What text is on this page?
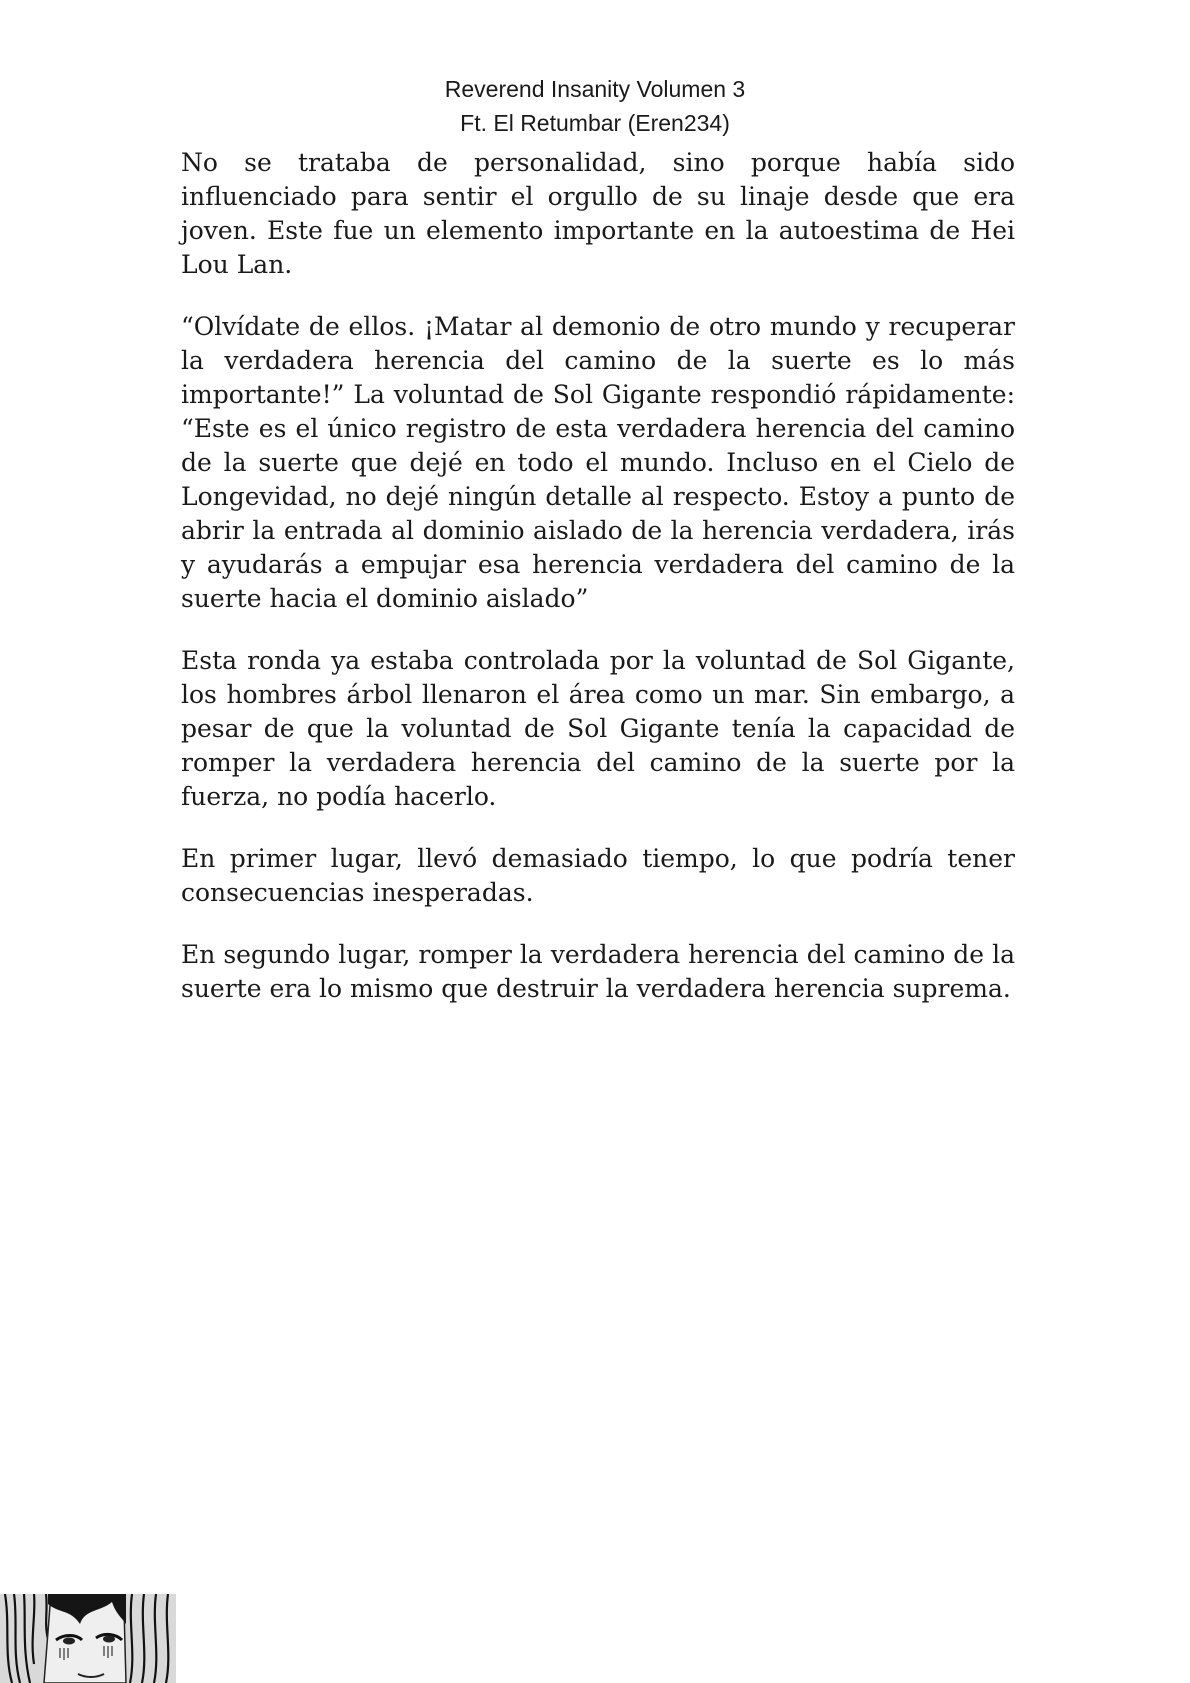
Reverend Insanity Volumen 3
Ft. El Retumbar (Eren234)

No se trataba de personalidad, sino porque había sido influenciado para sentir el orgullo de su linaje desde que era joven. Este fue un elemento importante en la autoestima de Hei Lou Lan.

“Olvídate de ellos. ¡Matar al demonio de otro mundo y recuperar la verdadera herencia del camino de la suerte es lo más importante!” La voluntad de Sol Gigante respondió rápidamente: “Este es el único registro de esta verdadera herencia del camino de la suerte que dejé en todo el mundo. Incluso en el Cielo de Longevidad, no dejé ningún detalle al respecto. Estoy a punto de abrir la entrada al dominio aislado de la herencia verdadera, irás y ayudarás a empujar esa herencia verdadera del camino de la suerte hacia el dominio aislado”

Esta ronda ya estaba controlada por la voluntad de Sol Gigante, los hombres árbol llenaron el área como un mar. Sin embargo, a pesar de que la voluntad de Sol Gigante tenía la capacidad de romper la verdadera herencia del camino de la suerte por la fuerza, no podía hacerlo.

En primer lugar, llevó demasiado tiempo, lo que podría tener consecuencias inesperadas.

En segundo lugar, romper la verdadera herencia del camino de la suerte era lo mismo que destruir la verdadera herencia suprema.
